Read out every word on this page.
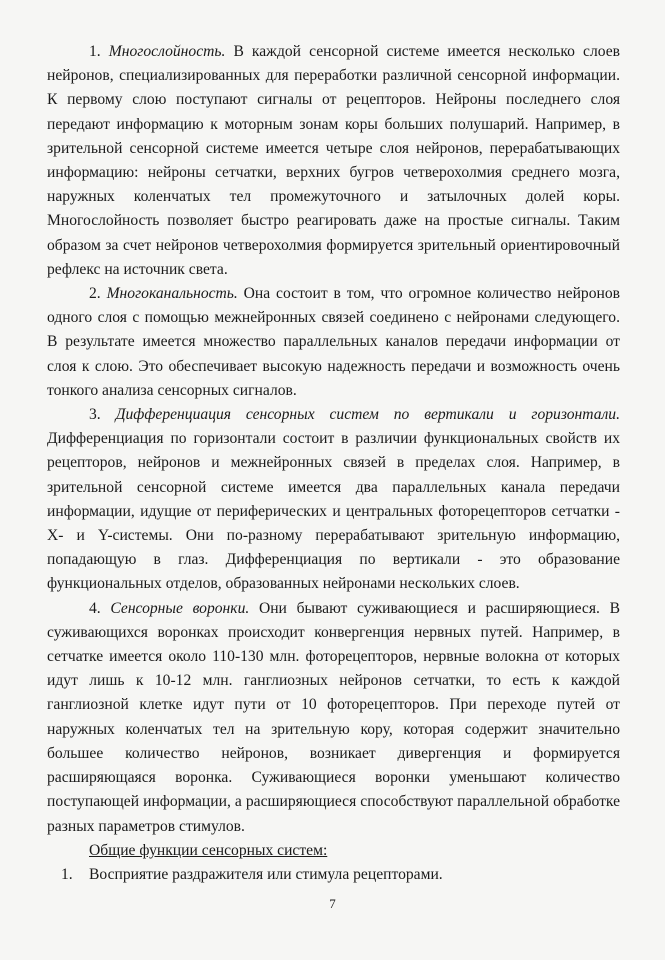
1. Многослойность. В каждой сенсорной системе имеется несколько слоев нейронов, специализированных для переработки различной сенсорной информации. К первому слою поступают сигналы от рецепторов. Нейроны последнего слоя передают информацию к моторным зонам коры больших полушарий. Например, в зрительной сенсорной системе имеется четыре слоя нейронов, перерабатывающих информацию: нейроны сетчатки, верхних бугров четверохолмия среднего мозга, наружных коленчатых тел промежуточного и затылочных долей коры. Многослойность позволяет быстро реагировать даже на простые сигналы. Таким образом за счет нейронов четверохолмия формируется зрительный ориентировочный рефлекс на источник света.

2. Многоканальность. Она состоит в том, что огромное количество нейронов одного слоя с помощью межнейронных связей соединено с нейронами следующего. В результате имеется множество параллельных каналов передачи информации от слоя к слою. Это обеспечивает высокую надежность передачи и возможность очень тонкого анализа сенсорных сигналов.

3. Дифференциация сенсорных систем по вертикали и горизонтали. Дифференциация по горизонтали состоит в различии функциональных свойств их рецепторов, нейронов и межнейронных связей в пределах слоя. Например, в зрительной сенсорной системе имеется два параллельных канала передачи информации, идущие от периферических и центральных фоторецепторов сетчатки - X- и Y-системы. Они по-разному перерабатывают зрительную информацию, попадающую в глаз. Дифференциация по вертикали - это образование функциональных отделов, образованных нейронами нескольких слоев.

4. Сенсорные воронки. Они бывают суживающиеся и расширяющиеся. В суживающихся воронках происходит конвергенция нервных путей. Например, в сетчатке имеется около 110-130 млн. фоторецепторов, нервные волокна от которых идут лишь к 10-12 млн. ганглиозных нейронов сетчатки, то есть к каждой ганглиозной клетке идут пути от 10 фоторецепторов. При переходе путей от наружных коленчатых тел на зрительную кору, которая содержит значительно большее количество нейронов, возникает дивергенция и формируется расширяющаяся воронка. Суживающиеся воронки уменьшают количество поступающей информации, а расширяющиеся способствуют параллельной обработке разных параметров стимулов.

Общие функции сенсорных систем:
1. Восприятие раздражителя или стимула рецепторами.
7
